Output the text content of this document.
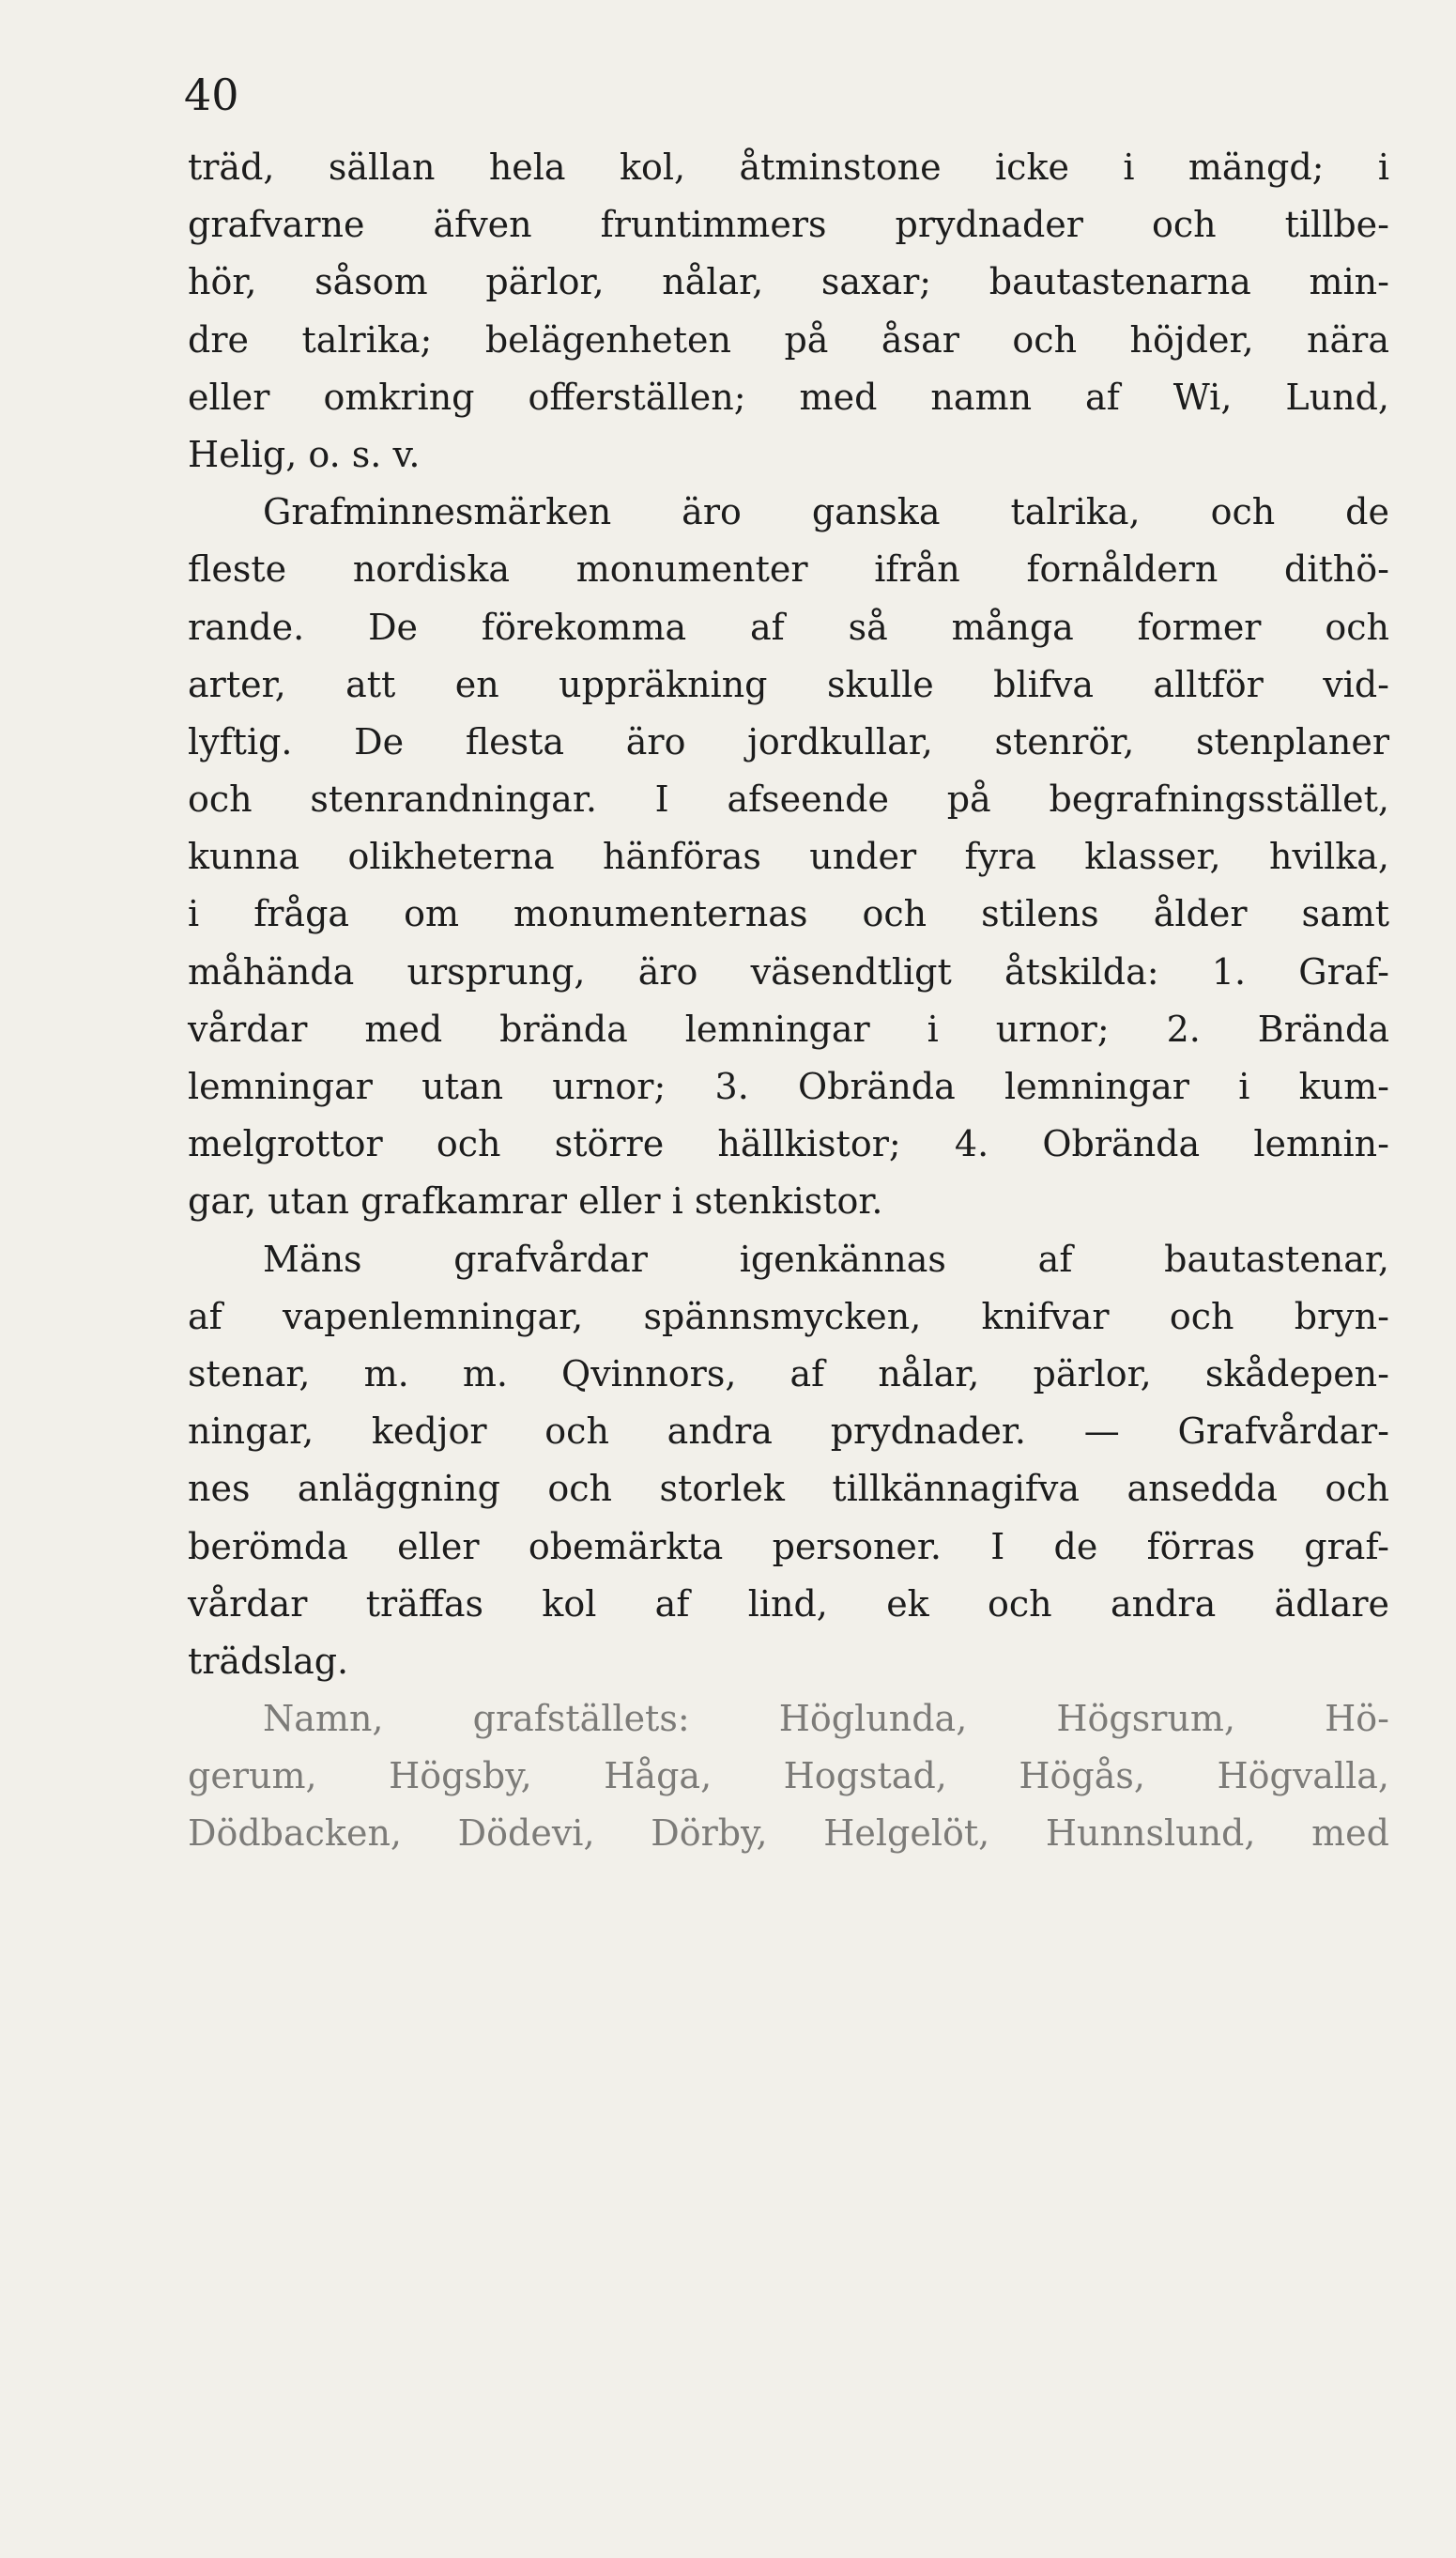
40
träd, sällan hela kol, åtminstone icke i mängd; i
grafvarne äfven fruntimmers prydnader och tillbe-
hör, såsom pärlor, nålar, saxar; bautastenarna min-
dre talrika; belägenheten på åsar och höjder, nära
eller omkring offerställen; med namn af Wi, Lund,
Helig, o. s. v.
Grafminnesmärken äro ganska talrika, och de
fleste nordiska monumenter ifrån fornåldern dithö-
rande. De förekomma af så många former och
arter, att en uppräkning skulle blifva alltför vid-
lyftig. De flesta äro jordkullar, stenrör, stenplaner
och stenrandningar. I afseende på begrafningsstället,
kunna olikheterna hänföras under fyra klasser, hvilka,
i fråga om monumenternas och stilens ålder samt
måhända ursprung, äro väsendtligt åtskilda: 1. Graf-
vårdar med brända lemningar i urnor; 2. Brända
lemningar utan urnor; 3. Obrända lemningar i kum-
melgrottor och större hällkistor; 4. Obrända lemnin-
gar, utan grafkamrar eller i stenkistor.
Mäns grafvårdar igenkännas af bautastenar,
af vapenlemningar, spännsmycken, knifvar och bryn-
stenar, m. m. Qvinnors, af nålar, pärlor, skådepen-
ningar, kedjor och andra prydnader. — Grafvårdar-
nes anläggning och storlek tillkännagifva ansedda och
berömda eller obemärkta personer. I de förras graf-
vårdar träffas kol af lind, ek och andra ädlare
trädslag.
Namn, grafställets: Höglunda, Högsrum, Hö-
gerum, Högsby, Håga, Hogstad, Högås, Högvalla,
Dödbacken, Dödevi, Dörby, Helgelöt, Hunnslund, med
